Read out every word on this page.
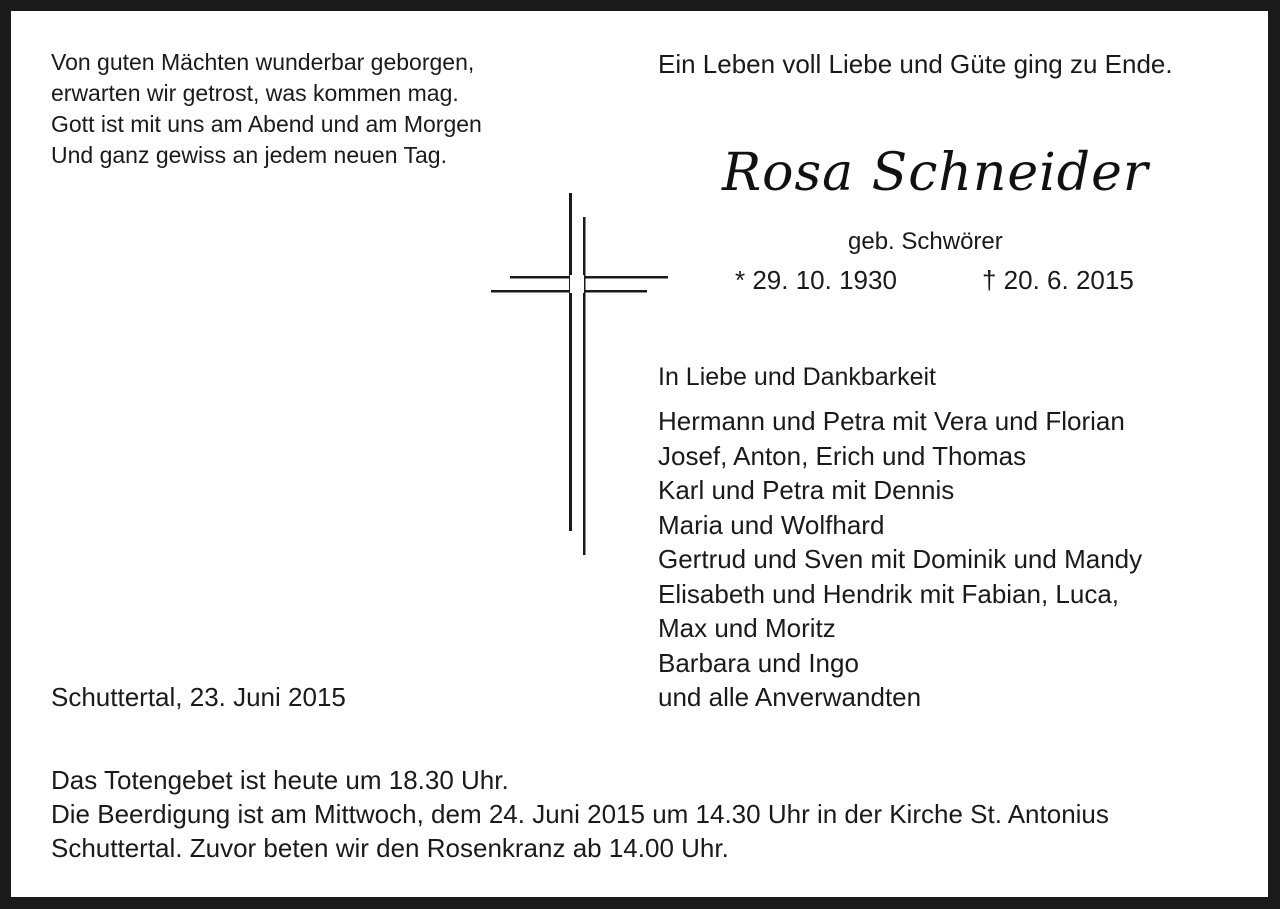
Von guten Mächten wunderbar geborgen,
erwarten wir getrost, was kommen mag.
Gott ist mit uns am Abend und am Morgen
Und ganz gewiss an jedem neuen Tag.
Ein Leben voll Liebe und Güte ging zu Ende.
Rosa Schneider
geb. Schwörer
* 29. 10. 1930	† 20. 6. 2015
In Liebe und Dankbarkeit
Hermann und Petra mit Vera und Florian
Josef, Anton, Erich und Thomas
Karl und Petra mit Dennis
Maria und Wolfhard
Gertrud und Sven mit Dominik und Mandy
Elisabeth und Hendrik mit Fabian, Luca,
Max und Moritz
Barbara und Ingo
und alle Anverwandten
Schuttertal, 23. Juni 2015
Das Totengebet ist heute um 18.30 Uhr.
Die Beerdigung ist am Mittwoch, dem 24. Juni 2015 um 14.30 Uhr in der Kirche St. Antonius
Schuttertal. Zuvor beten wir den Rosenkranz ab 14.00 Uhr.
